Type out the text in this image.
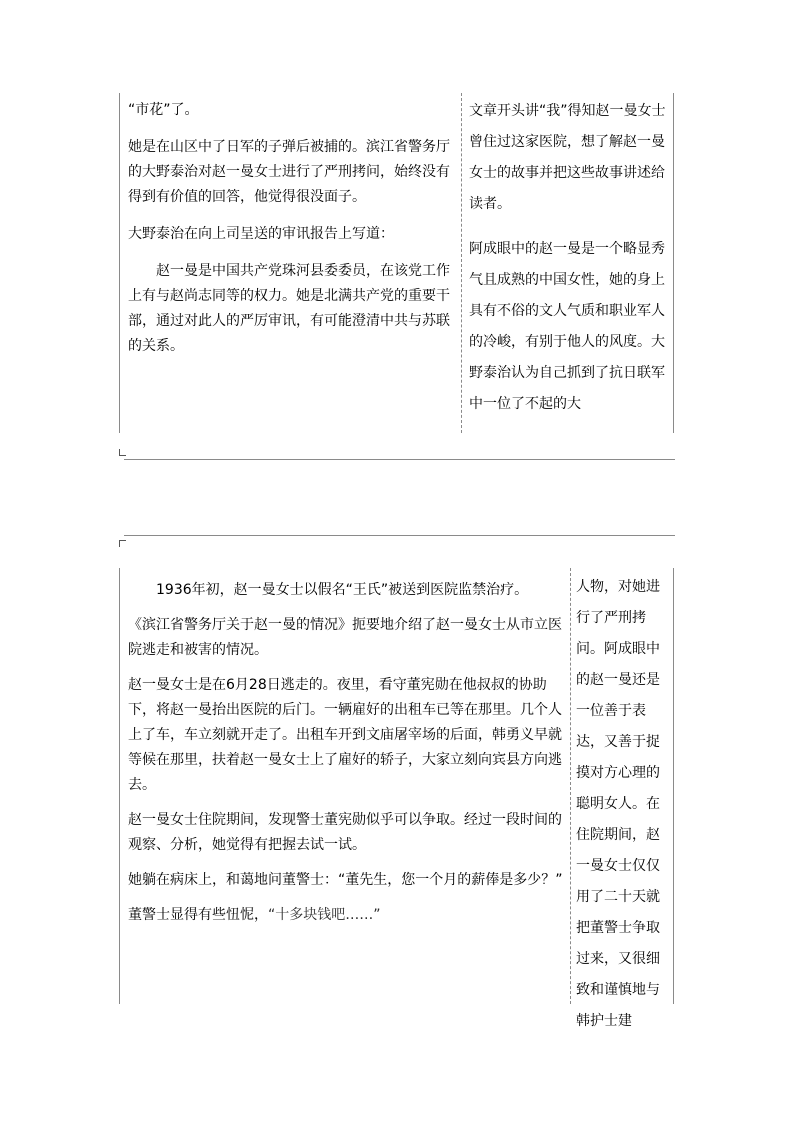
“市花”了。

她是在山区中了日军的子弹后被捕的。滨江省警务厅的大野泰治对赵一曼女士进行了严刑拷问，始终没有得到有价值的回答，他觉得很没面子。

大野泰治在向上司呈送的审讯报告上写道：

赵一曼是中国共产党珠河县委委员，在该党工作上有与赵尚志同等的权力。她是北满共产党的重要干部，通过对此人的严厉审讯，有可能澄清中共与苏联的关系。

文章开头讲“我”得知赵一曼女士曾住过这家医院，想了解赵一曼女士的故事并把这些故事讲述给读者。

阿成眼中的赵一曼是一个略显秀气且成熟的中国女性，她的身上具有不俗的文人气质和职业军人的冷峻，有别于他人的风度。大野泰治认为自己抓到了抗日联军中一位了不起的大

1936年初，赵一曼女士以假名“王氏”被送到医院监禁治疗。

《滨江省警务厅关于赵一曼的情况》扼要地介绍了赵一曼女士从市立医院逃走和被害的情况。

赵一曼女士是在6月28日逃走的。夜里，看守董宪勋在他叔叔的协助下，将赵一曼抬出医院的后门。一辆雇好的出租车已等在那里。几个人上了车，车立刻就开走了。出租车开到文庙屠宰场的后面，韩勇义早就等候在那里，扶着赵一曼女士上了雇好的轿子，大家立刻向宾县方向逃去。

赵一曼女士住院期间，发现警士董宪勋似乎可以争取。经过一段时间的观察、分析，她觉得有把握去试一试。

她躺在病床上，和蔼地问董警士：“董先生，您一个月的薪俸是多少？”

董警士显得有些忸怩，“十多块钱吧……”

人物，对她进行了严刑拷问。阿成眼中的赵一曼还是一位善于表达，又善于捉摸对方心理的聪明女人。在住院期间，赵一曼女士仅仅用了二十天就把董警士争取过来，又很细致和谨慎地与韩护士建
